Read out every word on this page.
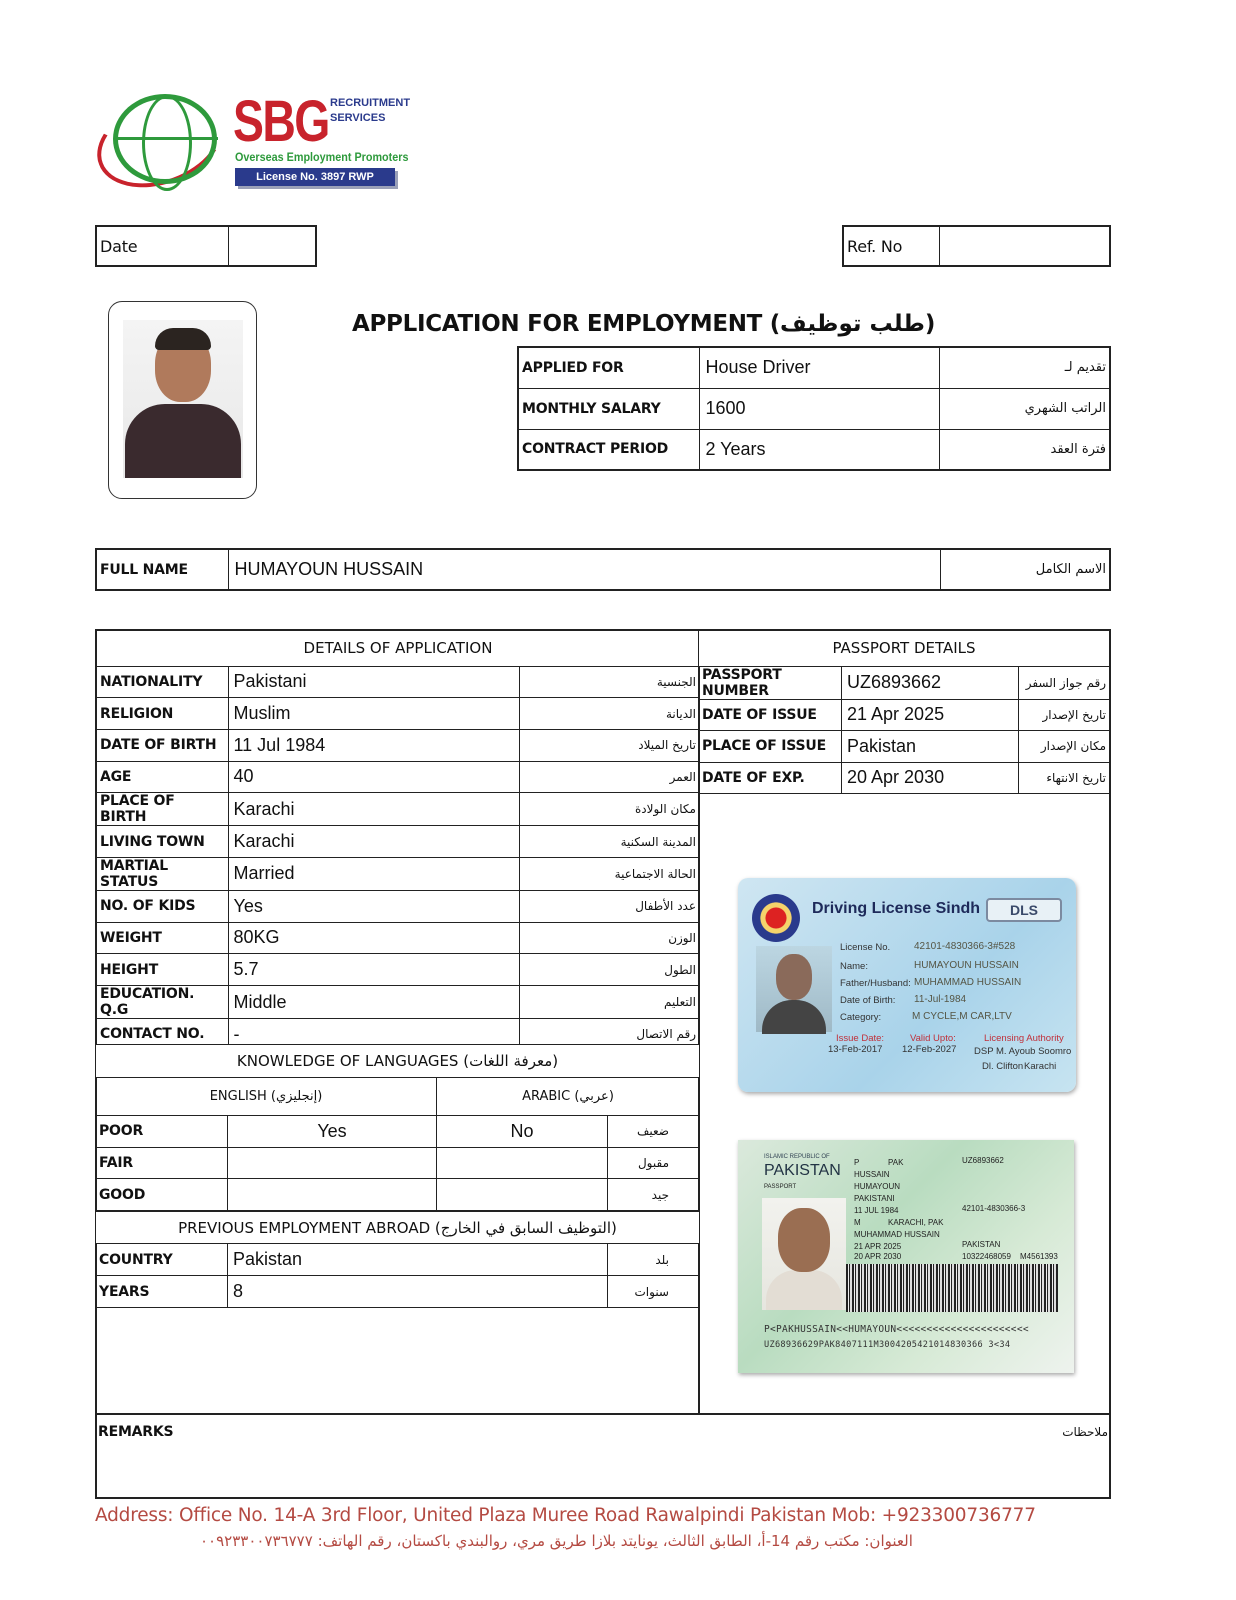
SBG RECRUITMENT
SERVICES
Overseas Employment Promoters
License No. 3897 RWP
Date		Ref. No	
APPLICATION FOR EMPLOYMENT (طلب توظيف)
APPLIED FOR	House Driver	تقديم لـ
MONTHLY SALARY	1600	الراتب الشهري
CONTRACT PERIOD	2 Years	فترة العقد
FULL NAME	HUMAYOUN HUSSAIN	الاسم الكامل
DETAILS OF APPLICATION		
NATIONALITY	Pakistani	الجنسية
RELIGION	Muslim	الديانة
DATE OF BIRTH	11 Jul 1984	تاريخ الميلاد
AGE	40	العمر
PLACE OF BIRTH	Karachi	مكان الولادة
LIVING TOWN	Karachi	المدينة السكنية
MARTIAL STATUS	Married	الحالة الاجتماعية
NO. OF KIDS	Yes	عدد الأطفال
WEIGHT	80KG	الوزن
HEIGHT	5.7	الطول
EDUCATION. Q.G	Middle	التعليم
CONTACT NO.	-	رقم الاتصال
PASSPORT DETAILS		
PASSPORT NUMBER	UZ6893662	رقم جواز السفر
DATE OF ISSUE	21 Apr 2025	تاريخ الإصدار
PLACE OF ISSUE	Pakistan	مكان الإصدار
DATE OF EXP.	20 Apr 2030	تاريخ الانتهاء
KNOWLEDGE OF LANGUAGES (معرفة اللغات)			
ENGLISH (إنجليزي)		ARABIC (عربي)	
POOR	Yes	No	ضعيف
FAIR			مقبول
GOOD			جيد
PREVIOUS EMPLOYMENT ABROAD (التوظيف السابق في الخارج)		
COUNTRY	Pakistan	بلد
YEARS	8	سنوات
Driving License Sindh	DLS
License No. 42101-4830366-3#528
Name:	HUMAYOUN HUSSAIN
Father/Husband: MUHAMMAD HUSSAIN
Date of Birth: 11-Jul-1984
Category:	M CYCLE,M CAR,LTV
Issue Date:
13-Feb-2017
Valid Upto:
12-Feb-2027
Licensing Authority
DSP M. Ayoub Soomro
Dl. Clifton Karachi
ISLAMIC REPUBLIC OF
PAKISTAN
PASSPORT
P	PAK	UZ6893662
HUSSAIN
HUMAYOUN
PAKISTANI
11 JUL 1984
M	KARACHI, PAK
MUHAMMAD HUSSAIN
21 APR 2025
20 APR 2030
42101-4830366-3
PAKISTAN
10322468059 M4561393
P<PAKHUSSAIN<<HUMAYOUN<<<<<<<<<<<<<<<<<<<<<<
UZ68936629PAK8407111M3004205421014830366 3<34
REMARKS	ملاحظات
Address: Office No. 14-A 3rd Floor, United Plaza Muree Road Rawalpindi Pakistan Mob: +923300736777
العنوان: مكتب رقم 14-أ، الطابق الثالث، يونايتد بلازا طريق مري، روالبندي باكستان، رقم الهاتف: ٠٠٩٢٣٣٠٠٧٣٦٧٧٧
